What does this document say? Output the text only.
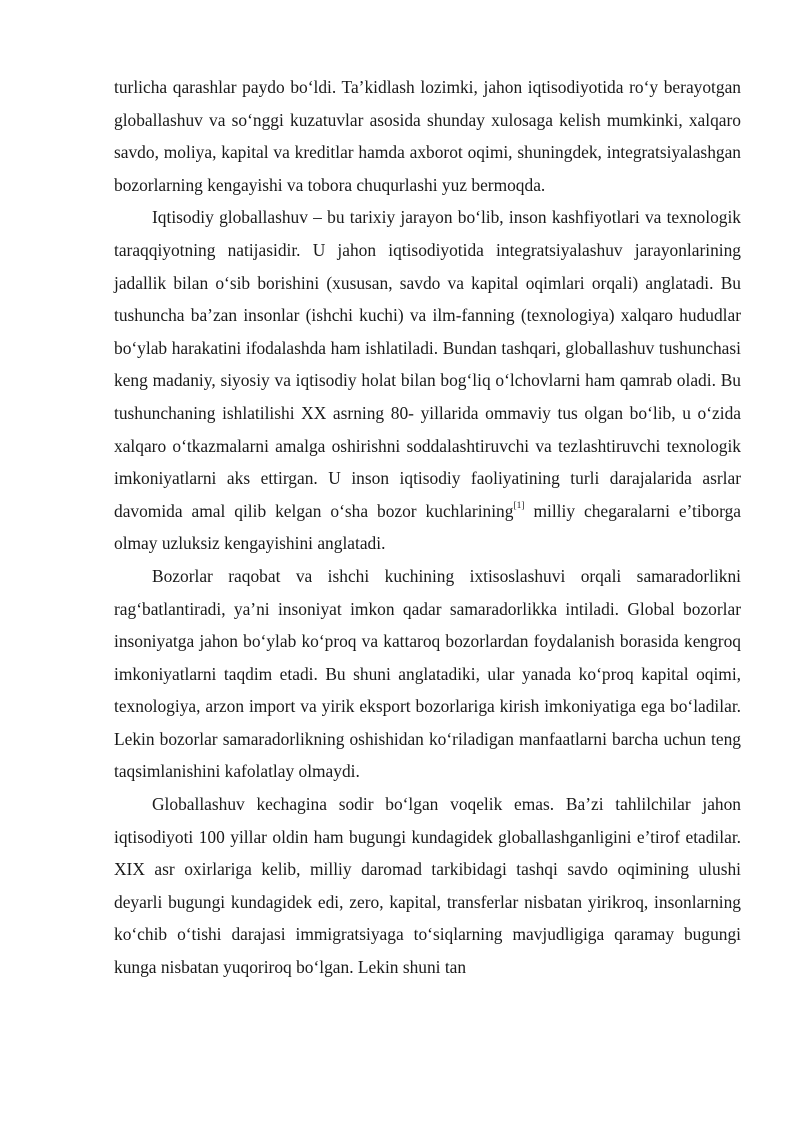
turlicha qarashlar paydo bo‘ldi. Ta’kidlash lozimki, jahon iqtisodiyotida ro‘y berayotgan globallashuv va so‘nggi kuzatuvlar asosida shunday xulosaga kelish mumkinki, xalqaro savdo, moliya, kapital va kreditlar hamda axborot oqimi, shuningdek, integratsiyalashgan bozorlarning kengayishi va tobora chuqurlashi yuz bermoqda.

Iqtisodiy globallashuv – bu tarixiy jarayon bo‘lib, inson kashfiyotlari va texnologik taraqqiyotning natijasidir. U jahon iqtisodiyotida integratsiyalashuv jarayonlarining jadallik bilan o‘sib borishini (xususan, savdo va kapital oqimlari orqali) anglatadi. Bu tushuncha ba’zan insonlar (ishchi kuchi) va ilm-fanning (texnologiya) xalqaro hududlar bo‘ylab harakatini ifodalashda ham ishlatiladi. Bundan tashqari, globallashuv tushunchasi keng madaniy, siyosiy va iqtisodiy holat bilan bog‘liq o‘lchovlarni ham qamrab oladi. Bu tushunchaning ishlatilishi XX asrning 80- yillarida ommaviy tus olgan bo‘lib, u o‘zida xalqaro o‘tkazmalarni amalga oshirishni soddalashtiruvchi va tezlashtiruvchi texnologik imkoniyatlarni aks ettirgan. U inson iqtisodiy faoliyatining turli darajalarida asrlar davomida amal qilib kelgan o‘sha bozor kuchlarining[1] milliy chegaralarni e’tiborga olmay uzluksiz kengayishini anglatadi.

Bozorlar raqobat va ishchi kuchining ixtisoslashuvi orqali samaradorlikni rag‘batlantiradi, ya’ni insoniyat imkon qadar samaradorlikka intiladi. Global bozorlar insoniyatga jahon bo‘ylab ko‘proq va kattaroq bozorlardan foydalanish borasida kengroq imkoniyatlarni taqdim etadi. Bu shuni anglatadiki, ular yanada ko‘proq kapital oqimi, texnologiya, arzon import va yirik eksport bozorlariga kirish imkoniyatiga ega bo‘ladilar. Lekin bozorlar samaradorlikning oshishidan ko‘riladigan manfaatlarni barcha uchun teng taqsimlanishini kafolatlay olmaydi.

Globallashuv kechagina sodir bo‘lgan voqelik emas. Ba’zi tahlilchilar jahon iqtisodiyoti 100 yillar oldin ham bugungi kundagidek globallashganligini e’tirof etadilar. XIX asr oxirlariga kelib, milliy daromad tarkibidagi tashqi savdo oqimining ulushi deyarli bugungi kundagidek edi, zero, kapital, transferlar nisbatan yirikroq, insonlarning ko‘chib o‘tishi darajasi immigratsiyaga to‘siqlarning mavjudligiga qaramay bugungi kunga nisbatan yuqoriroq bo‘lgan. Lekin shuni tan
